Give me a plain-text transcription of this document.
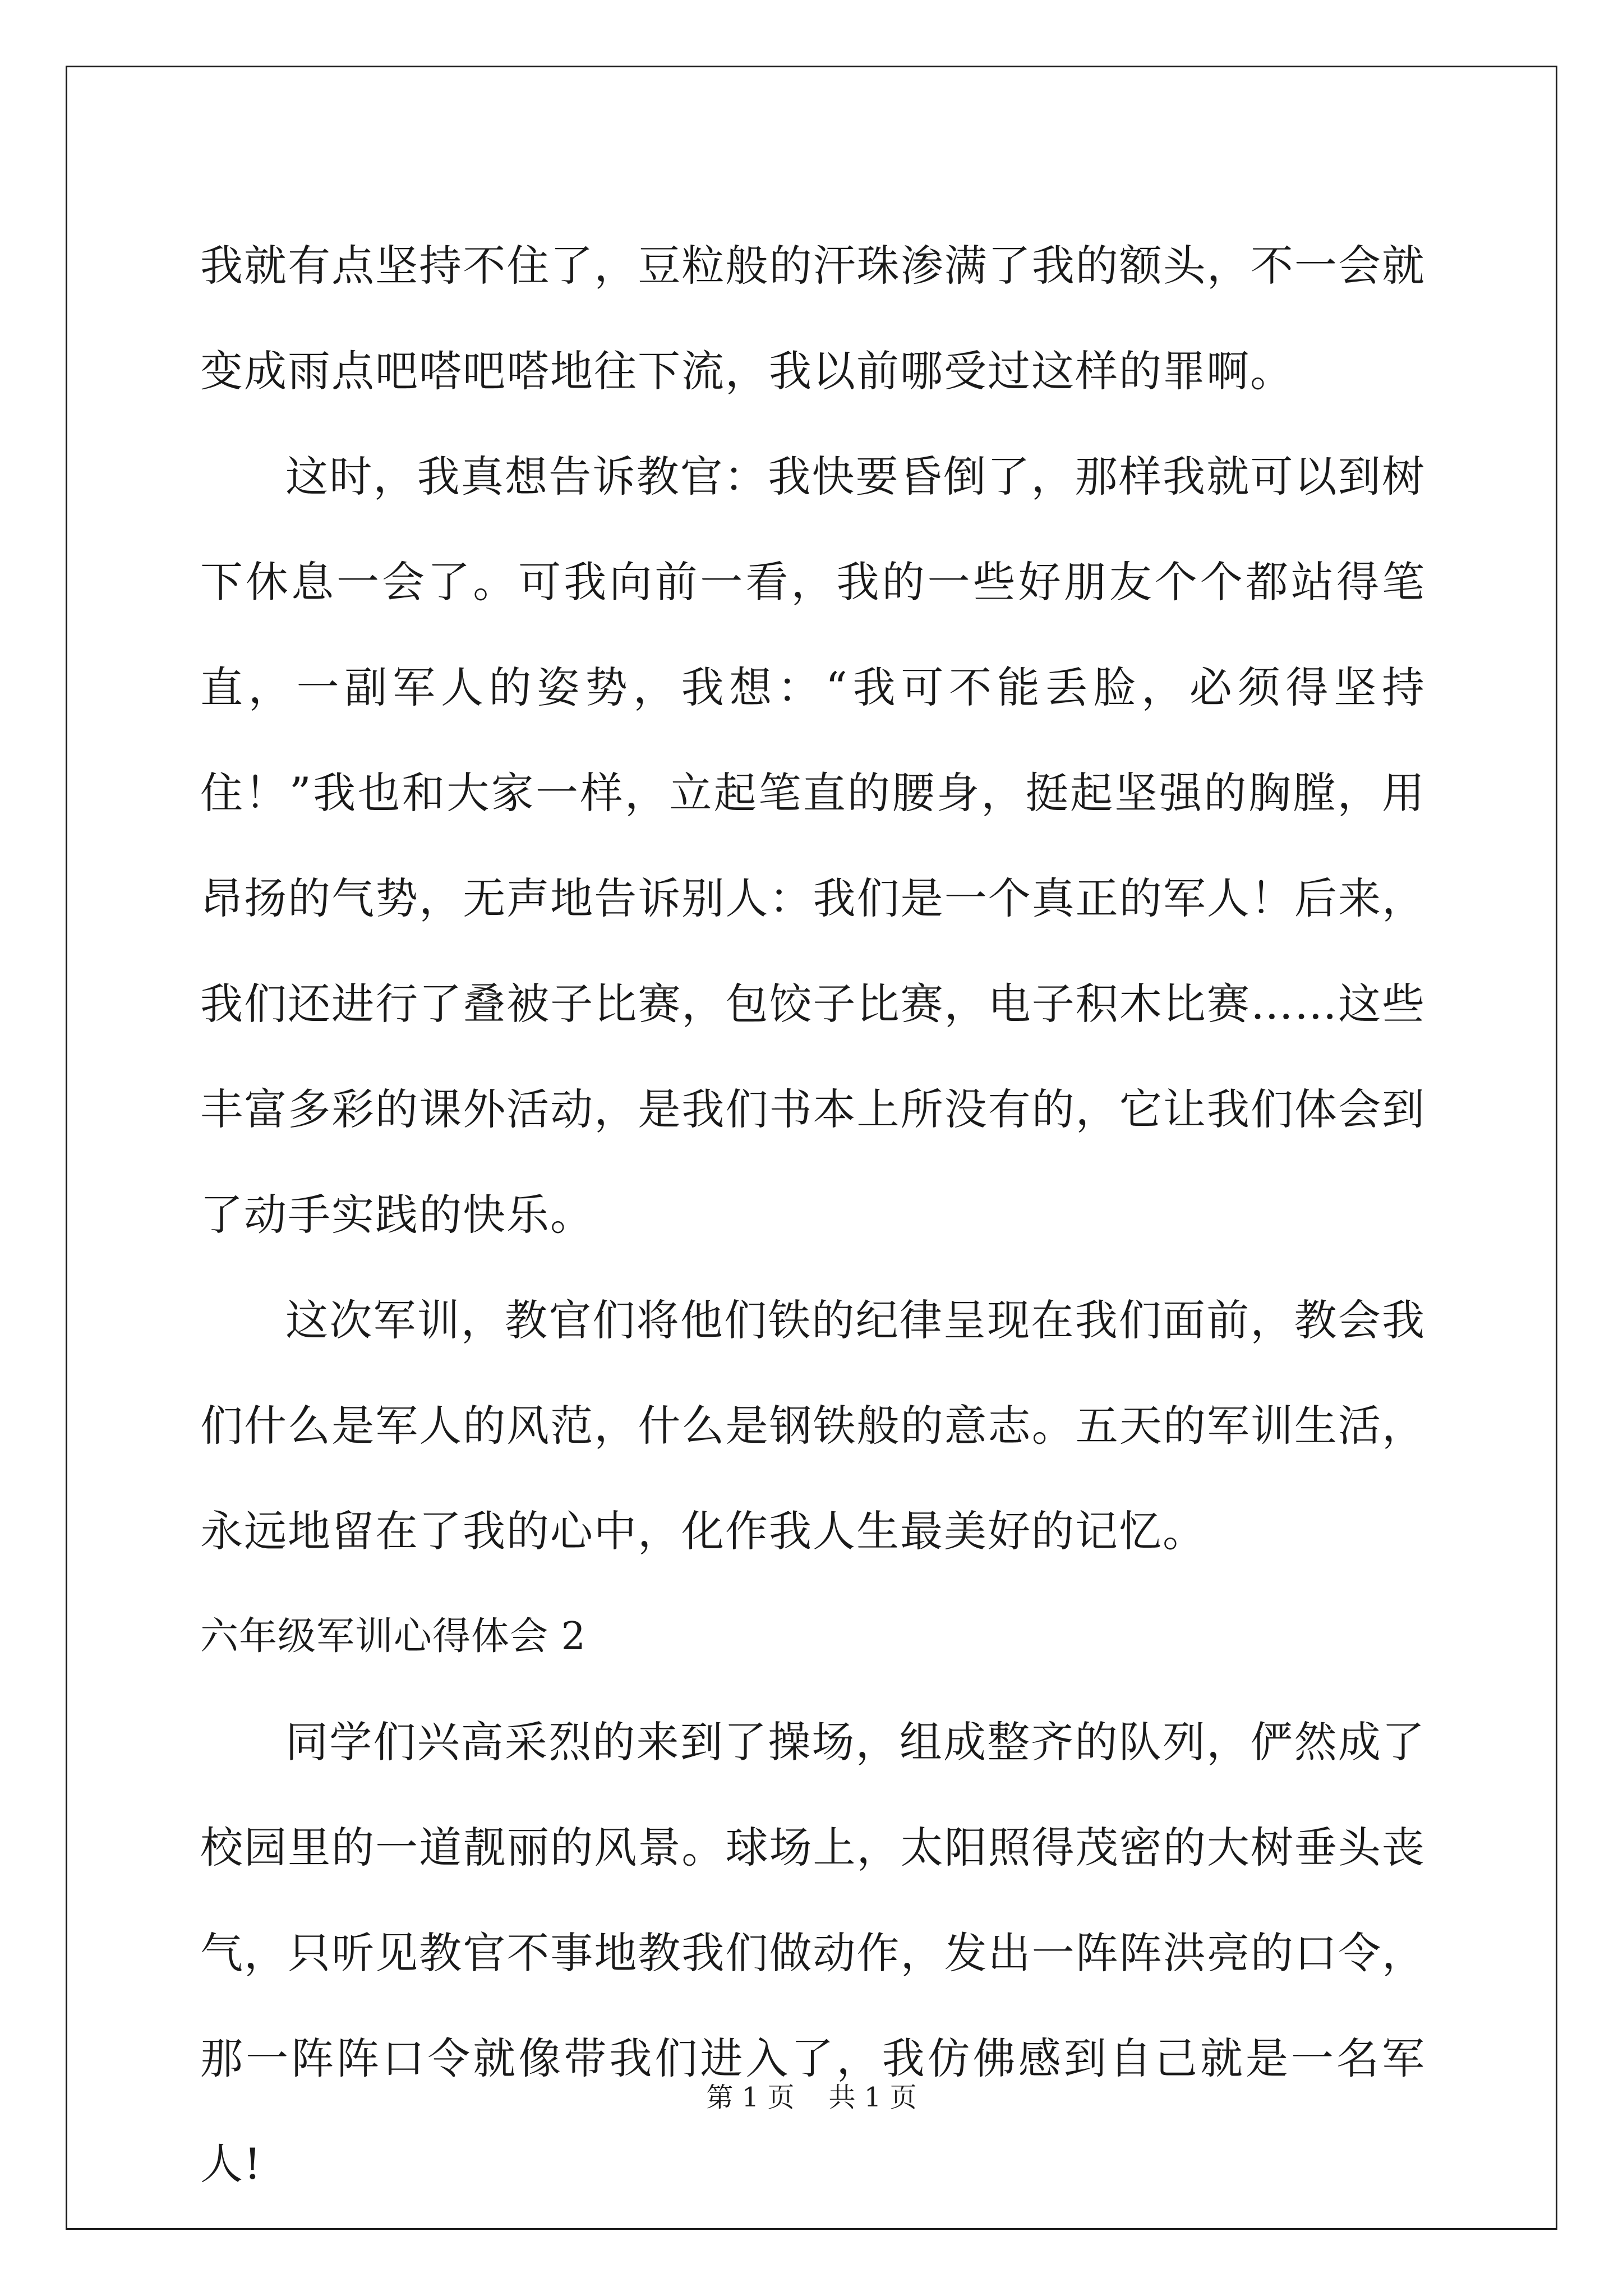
我就有点坚持不住了，豆粒般的汗珠渗满了我的额头，不一会就变成雨点吧嗒吧嗒地往下流，我以前哪受过这样的罪啊。

这时，我真想告诉教官：我快要昏倒了，那样我就可以到树下休息一会了。可我向前一看，我的一些好朋友个个都站得笔直，一副军人的姿势，我想：“我可不能丢脸，必须得坚持住！”我也和大家一样，立起笔直的腰身，挺起坚强的胸膛，用昂扬的气势，无声地告诉别人：我们是一个真正的军人！后来，我们还进行了叠被子比赛，包饺子比赛，电子积木比赛……这些丰富多彩的课外活动，是我们书本上所没有的，它让我们体会到了动手实践的快乐。

这次军训，教官们将他们铁的纪律呈现在我们面前，教会我们什么是军人的风范，什么是钢铁般的意志。五天的军训生活，永远地留在了我的心中，化作我人生最美好的记忆。

六年级军训心得体会 2

同学们兴高采烈的来到了操场，组成整齐的队列，俨然成了校园里的一道靓丽的风景。球场上，太阳照得茂密的大树垂头丧气，只听见教官不事地教我们做动作，发出一阵阵洪亮的口令，那一阵阵口令就像带我们进入了，我仿佛感到自己就是一名军人!

第 1 页    共 1 页
